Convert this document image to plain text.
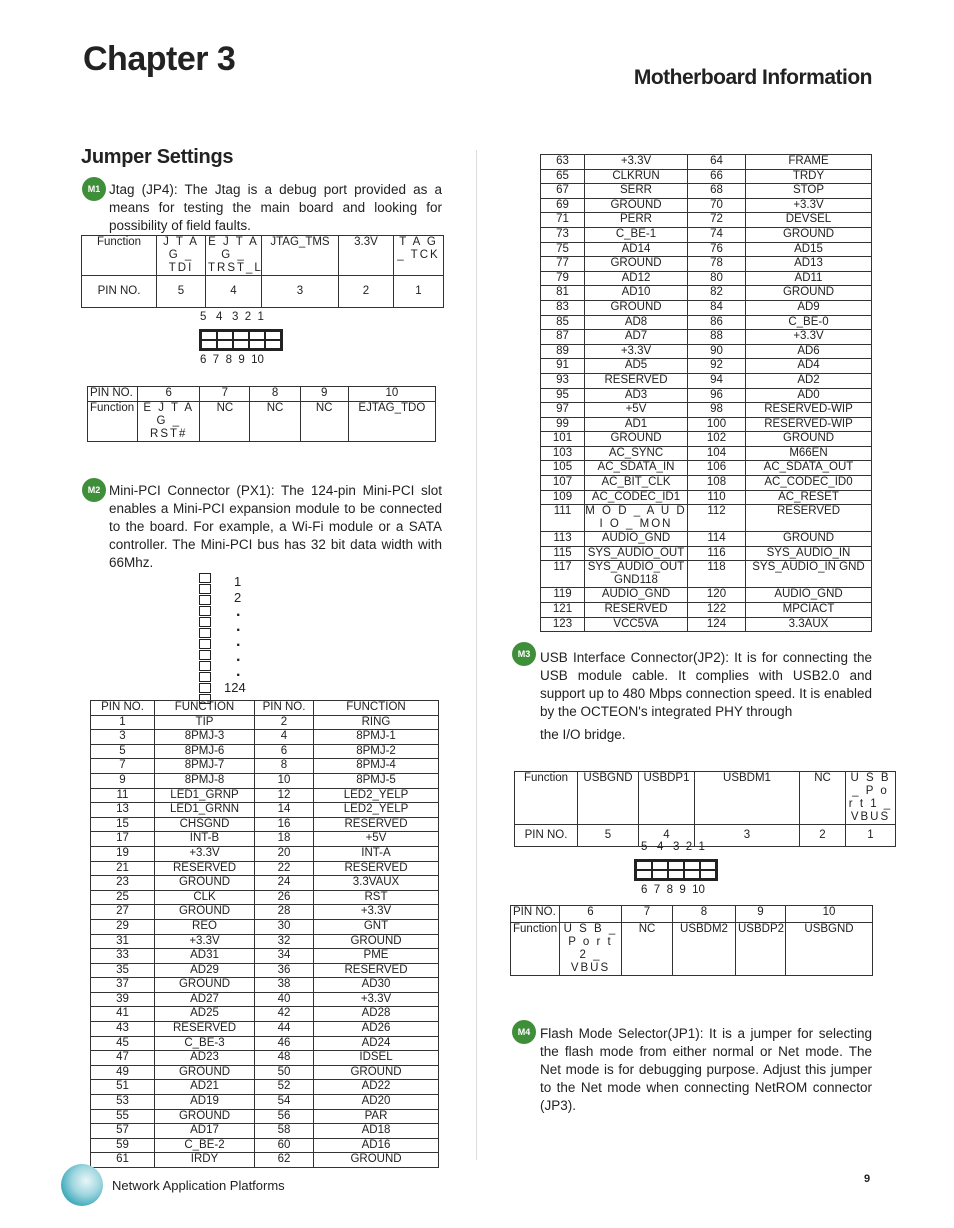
Chapter 3	Motherboard Information
Jumper Settings
M1 Jtag (JP4): The Jtag is a debug port provided as a means for testing the main board and looking for possibility of field faults.
Function	J T A G _ TDI	E J T A G _ TRST_L	JTAG_TMS	3.3V	T A G _ TCK
PIN NO.	5	4	3	2	1
5   4   3  2  1
6  7  8  9  10
PIN NO.	6	7	8	9	10
Function	E J T A G _ RST#	NC	NC	NC	EJTAG_TDO
M2 Mini-PCI Connector (PX1): The 124-pin Mini-PCI slot enables a Mini-PCI expansion module to be connected to the board. For example, a Wi-Fi module or a SATA controller. The Mini-PCI bus has 32 bit data width with 66Mhz.
1
2
.
.
.
.
.
124
PIN NO.	FUNCTION	PIN NO.	FUNCTION
1	TIP	2	RING
3	8PMJ-3	4	8PMJ-1
5	8PMJ-6	6	8PMJ-2
7	8PMJ-7	8	8PMJ-4
9	8PMJ-8	10	8PMJ-5
11	LED1_GRNP	12	LED2_YELP
13	LED1_GRNN	14	LED2_YELP
15	CHSGND	16	RESERVED
17	INT-B	18	+5V
19	+3.3V	20	INT-A
21	RESERVED	22	RESERVED
23	GROUND	24	3.3VAUX
25	CLK	26	RST
27	GROUND	28	+3.3V
29	REO	30	GNT
31	+3.3V	32	GROUND
33	AD31	34	PME
35	AD29	36	RESERVED
37	GROUND	38	AD30
39	AD27	40	+3.3V
41	AD25	42	AD28
43	RESERVED	44	AD26
45	C_BE-3	46	AD24
47	AD23	48	IDSEL
49	GROUND	50	GROUND
51	AD21	52	AD22
53	AD19	54	AD20
55	GROUND	56	PAR
57	AD17	58	AD18
59	C_BE-2	60	AD16
61	IRDY	62	GROUND
63	+3.3V	64	FRAME
65	CLKRUN	66	TRDY
67	SERR	68	STOP
69	GROUND	70	+3.3V
71	PERR	72	DEVSEL
73	C_BE-1	74	GROUND
75	AD14	76	AD15
77	GROUND	78	AD13
79	AD12	80	AD11
81	AD10	82	GROUND
83	GROUND	84	AD9
85	AD8	86	C_BE-0
87	AD7	88	+3.3V
89	+3.3V	90	AD6
91	AD5	92	AD4
93	RESERVED	94	AD2
95	AD3	96	AD0
97	+5V	98	RESERVED-WIP
99	AD1	100	RESERVED-WIP
101	GROUND	102	GROUND
103	AC_SYNC	104	M66EN
105	AC_SDATA_IN	106	AC_SDATA_OUT
107	AC_BIT_CLK	108	AC_CODEC_ID0
109	AC_CODEC_ID1	110	AC_RESET
111	M O D _ A U D I O _ MON	112	RESERVED
113	AUDIO_GND	114	GROUND
115	SYS_AUDIO_OUT	116	SYS_AUDIO_IN
117	SYS_AUDIO_OUT GND118	118	SYS_AUDIO_IN GND
119	AUDIO_GND	120	AUDIO_GND
121	RESERVED	122	MPCIACT
123	VCC5VA	124	3.3AUX
M3 USB Interface Connector(JP2): It is for connecting the USB module cable. It complies with USB2.0 and support up to 480 Mbps connection speed. It is enabled by the OCTEON's integrated PHY through
the I/O bridge.
Function	USBGND	USBDP1	USBDM1	NC	U S B _ P o r t 1 _ VBUS
PIN NO.	5	4	3	2	1
5   4   3  2  1
6  7  8  9  10
PIN NO.	6	7	8	9	10
Function	U S B _ P o r t 2 _ VBUS	NC	USBDM2	USBDP2	USBGND
M4 Flash Mode Selector(JP1): It is a jumper for selecting the flash mode from either normal or Net mode. The Net mode is for debugging purpose. Adjust this jumper to the Net mode when connecting NetROM connector (JP3).
Network Application Platforms	9
